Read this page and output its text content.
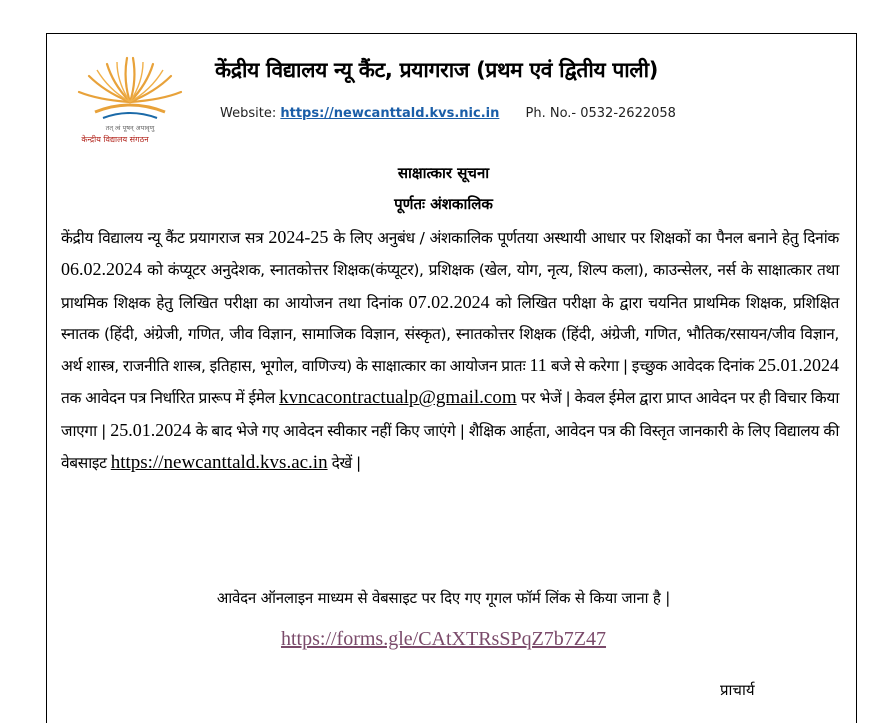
तत् त्वं पूषन् अपावृणु
केन्द्रीय विद्यालय संगठन
केंद्रीय विद्यालय न्यू कैंट, प्रयागराज (प्रथम एवं द्वितीय पाली)
Website: https://newcanttald.kvs.nic.in Ph. No.- 0532-2622058
साक्षात्कार सूचना
पूर्णतः अंशकालिक
केंद्रीय विद्यालय न्यू कैंट प्रयागराज सत्र 2024-25 के लिए अनुबंध / अंशकालिक पूर्णतया अस्थायी आधार पर शिक्षकों का पैनल बनाने हेतु दिनांक 06.02.2024 को कंप्यूटर अनुदेशक, स्नातकोत्तर शिक्षक(कंप्यूटर), प्रशिक्षक (खेल, योग, नृत्य, शिल्प कला), काउन्सेलर, नर्स के साक्षात्कार तथा प्राथमिक शिक्षक हेतु लिखित परीक्षा का आयोजन तथा दिनांक 07.02.2024 को लिखित परीक्षा के द्वारा चयनित प्राथमिक शिक्षक, प्रशिक्षित स्नातक (हिंदी, अंग्रेजी, गणित, जीव विज्ञान, सामाजिक विज्ञान, संस्कृत), स्नातकोत्तर शिक्षक (हिंदी, अंग्रेजी, गणित, भौतिक/रसायन/जीव विज्ञान, अर्थ शास्त्र, राजनीति शास्त्र, इतिहास, भूगोल, वाणिज्य) के साक्षात्कार का आयोजन प्रातः 11 बजे से करेगा | इच्छुक आवेदक दिनांक 25.01.2024 तक आवेदन पत्र निर्धारित प्रारूप में ईमेल kvncacontractualp@gmail.com पर भेजें | केवल ईमेल द्वारा प्राप्त आवेदन पर ही विचार किया जाएगा | 25.01.2024 के बाद भेजे गए आवेदन स्वीकार नहीं किए जाएंगे | शैक्षिक आर्हता, आवेदन पत्र की विस्तृत जानकारी के लिए विद्यालय की वेबसाइट https://newcanttald.kvs.ac.in देखें |
आवेदन ऑनलाइन माध्यम से वेबसाइट पर दिए गए गूगल फॉर्म लिंक से किया जाना है |
https://forms.gle/CAtXTRsSPqZ7b7Z47
प्राचार्य
